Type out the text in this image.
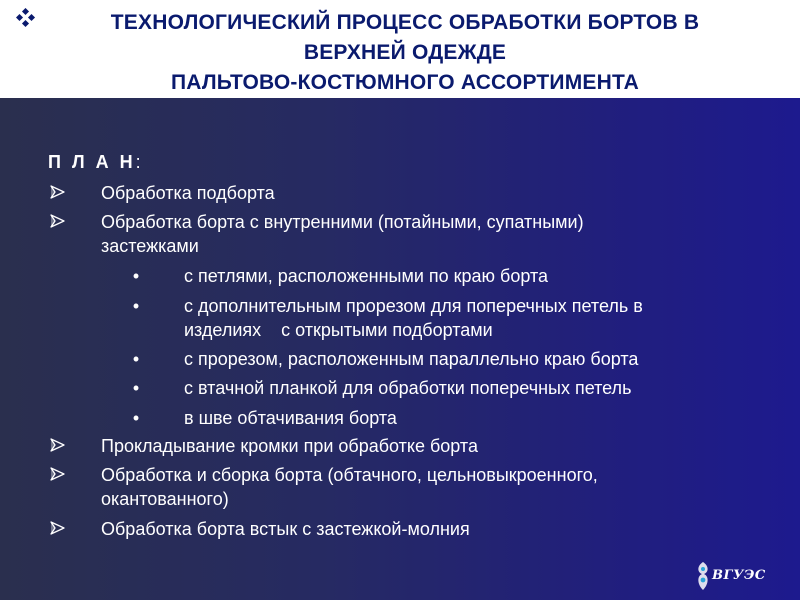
ТЕХНОЛОГИЧЕСКИЙ ПРОЦЕСС ОБРАБОТКИ БОРТОВ В
ВЕРХНЕЙ ОДЕЖДЕ
ПАЛЬТОВО-КОСТЮМНОГО АССОРТИМЕНТА
П Л А Н:
Обработка подборта
Обработка борта с внутренними (потайными, супатными)
застежками
• с петлями, расположенными по краю борта
• с дополнительным прорезом для поперечных петель в
изделиях    с открытыми подбортами
• с прорезом, расположенным параллельно краю борта
• с втачной планкой для обработки поперечных петель
• в шве обтачивания борта
Прокладывание кромки при обработке борта
Обработка и сборка борта (обтачного, цельновыкроенного,
окантованного)
Обработка борта встык с застежкой-молния
ВГУЭС
